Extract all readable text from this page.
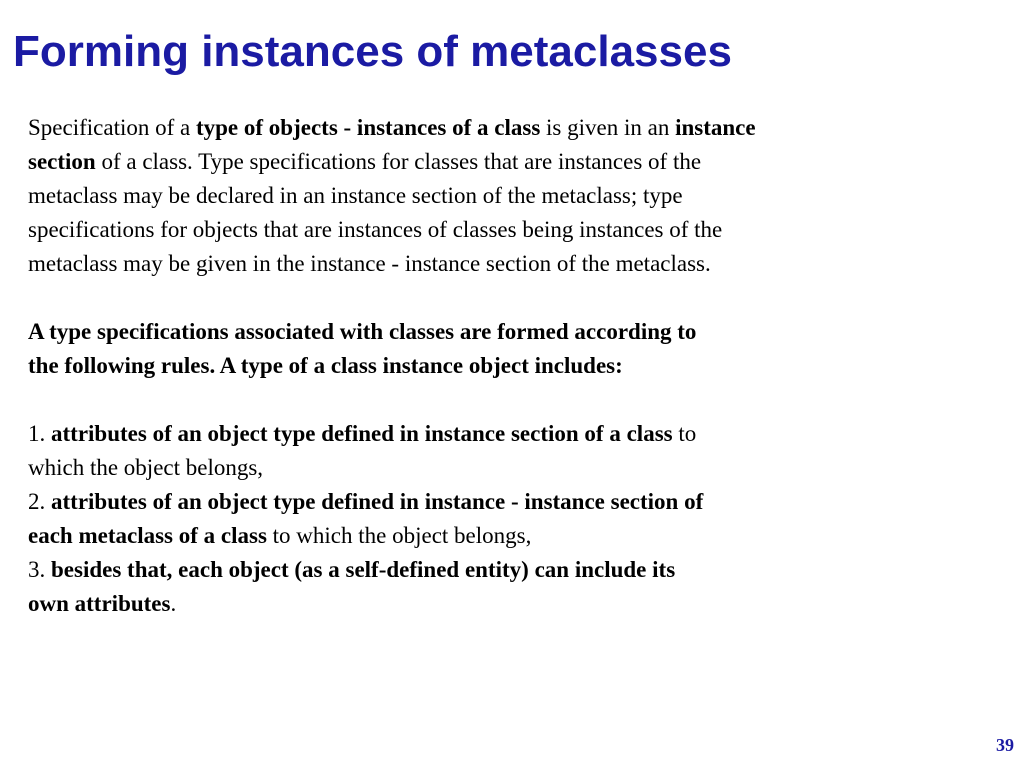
Forming instances of metaclasses
Specification of a type of objects - instances of a class is given in an instance
section of a class. Type specifications for classes that are instances of the
metaclass may be declared in an instance section of the metaclass; type
specifications for objects that are instances of classes being instances of the
metaclass may be given in the instance - instance section of the metaclass.
A type specifications associated with classes are formed according to
the following rules. A type of a class instance object includes:
1. attributes of an object type defined in instance section of a class to
which the object belongs,
2. attributes of an object type defined in instance - instance section of
each metaclass of a class to which the object belongs,
3. besides that, each object (as a self-defined entity) can include its
own attributes.
39
